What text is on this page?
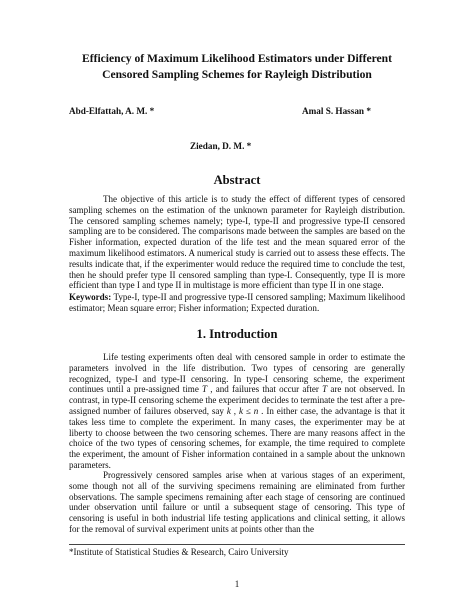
Efficiency of Maximum Likelihood Estimators under Different Censored Sampling Schemes for Rayleigh Distribution
Abd-Elfattah, A. M. *	Amal S. Hassan *
Ziedan, D. M. *
Abstract
The objective of this article is to study the effect of different types of censored sampling schemes on the estimation of the unknown parameter for Rayleigh distribution. The censored sampling schemes namely; type-I, type-II and progressive type-II censored sampling are to be considered. The comparisons made between the samples are based on the Fisher information, expected duration of the life test and the mean squared error of the maximum likelihood estimators. A numerical study is carried out to assess these effects. The results indicate that, if the experimenter would reduce the required time to conclude the test, then he should prefer type II censored sampling than type-I. Consequently, type II is more efficient than type I and type II in multistage is more efficient than type II in one stage.
Keywords: Type-I, type-II and progressive type-II censored sampling; Maximum likelihood estimator; Mean square error; Fisher information; Expected duration.
1. Introduction
Life testing experiments often deal with censored sample in order to estimate the parameters involved in the life distribution. Two types of censoring are generally recognized, type-I and type-II censoring. In type-I censoring scheme, the experiment continues until a pre-assigned time T , and failures that occur after T are not observed. In contrast, in type-II censoring scheme the experiment decides to terminate the test after a pre-assigned number of failures observed, say k , k ≤ n . In either case, the advantage is that it takes less time to complete the experiment. In many cases, the experimenter may be at liberty to choose between the two censoring schemes. There are many reasons affect in the choice of the two types of censoring schemes, for example, the time required to complete the experiment, the amount of Fisher information contained in a sample about the unknown parameters.
Progressively censored samples arise when at various stages of an experiment, some though not all of the surviving specimens remaining are eliminated from further observations. The sample specimens remaining after each stage of censoring are continued under observation until failure or until a subsequent stage of censoring. This type of censoring is useful in both industrial life testing applications and clinical setting, it allows for the removal of survival experiment units at points other than the
*Institute of Statistical Studies & Research, Cairo University
1
